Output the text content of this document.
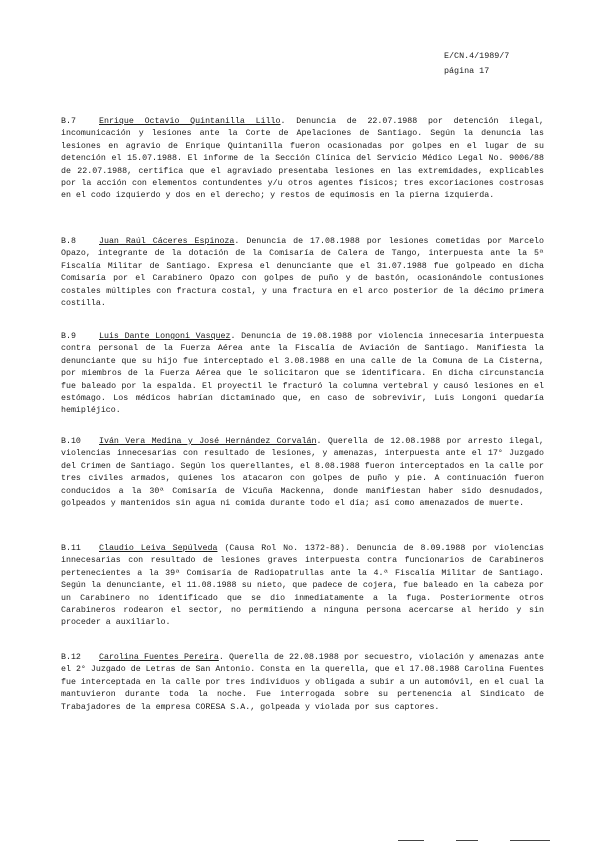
E/CN.4/1989/7
página 17
B.7	Enrique Octavio Quintanilla Lillo. Denuncia de 22.07.1988 por detención ilegal, incomunicación y lesiones ante la Corte de Apelaciones de Santiago. Según la denuncia las lesiones en agravio de Enrique Quintanilla fueron ocasionadas por golpes en el lugar de su detención el 15.07.1988. El informe de la Sección Clínica del Servicio Médico Legal No. 9006/88 de 22.07.1988, certifica que el agraviado presentaba lesiones en las extremidades, explicables por la acción con elementos contundentes y/u otros agentes físicos; tres excoriaciones costrosas en el codo izquierdo y dos en el derecho; y restos de equimosis en la pierna izquierda.
B.8	Juan Raúl Cáceres Espinoza. Denuncia de 17.08.1988 por lesiones cometidas por Marcelo Opazo, integrante de la dotación de la Comisaría de Calera de Tango, interpuesta ante la 5ª Fiscalía Militar de Santiago. Expresa el denunciante que el 31.07.1988 fue golpeado en dicha Comisaría por el Carabinero Opazo con golpes de puño y de bastón, ocasionándole contusiones costales múltiples con fractura costal, y una fractura en el arco posterior de la décimo primera costilla.
B.9	Luis Dante Longoni Vasquez. Denuncia de 19.08.1988 por violencia innecesaria interpuesta contra personal de la Fuerza Aérea ante la Fiscalía de Aviación de Santiago. Manifiesta la denunciante que su hijo fue interceptado el 3.08.1988 en una calle de la Comuna de La Cisterna, por miembros de la Fuerza Aérea que le solicitaron que se identificara. En dicha circunstancia fue baleado por la espalda. El proyectil le fracturó la columna vertebral y causó lesiones en el estómago. Los médicos habrían dictaminado que, en caso de sobrevivir, Luis Longoni quedaría hemipléjico.
B.10 Iván Vera Medina y José Hernández Corvalán. Querella de 12.08.1988 por arresto ilegal, violencias innecesarias con resultado de lesiones, y amenazas, interpuesta ante el 17° Juzgado del Crimen de Santiago. Según los querellantes, el 8.08.1988 fueron interceptados en la calle por tres civiles armados, quienes los atacaron con golpes de puño y pie. A continuación fueron conducidos a la 30ª Comisaría de Vicuña Mackenna, donde manifiestan haber sido desnudados, golpeados y mantenidos sin agua ni comida durante todo el día; así como amenazados de muerte.
B.11 Claudio Leiva Sepúlveda (Causa Rol No. 1372-88). Denuncia de 8.09.1988 por violencias innecesarias con resultado de lesiones graves interpuesta contra funcionarios de Carabineros pertenecientes a la 39ª Comisaría de Radiopatrullas ante la 4.ª Fiscalía Militar de Santiago. Según la denunciante, el 11.08.1988 su nieto, que padece de cojera, fue baleado en la cabeza por un Carabinero no identificado que se dio inmediatamente a la fuga. Posteriormente otros Carabineros rodearon el sector, no permitiendo a ninguna persona acercarse al herido y sin proceder a auxiliarlo.
B.12 Carolina Fuentes Pereira. Querella de 22.08.1988 por secuestro, violación y amenazas ante el 2° Juzgado de Letras de San Antonio. Consta en la querella, que el 17.08.1988 Carolina Fuentes fue interceptada en la calle por tres individuos y obligada a subir a un automóvil, en el cual la mantuvieron durante toda la noche. Fue interrogada sobre su pertenencia al Sindicato de Trabajadores de la empresa CORESA S.A., golpeada y violada por sus captores.
